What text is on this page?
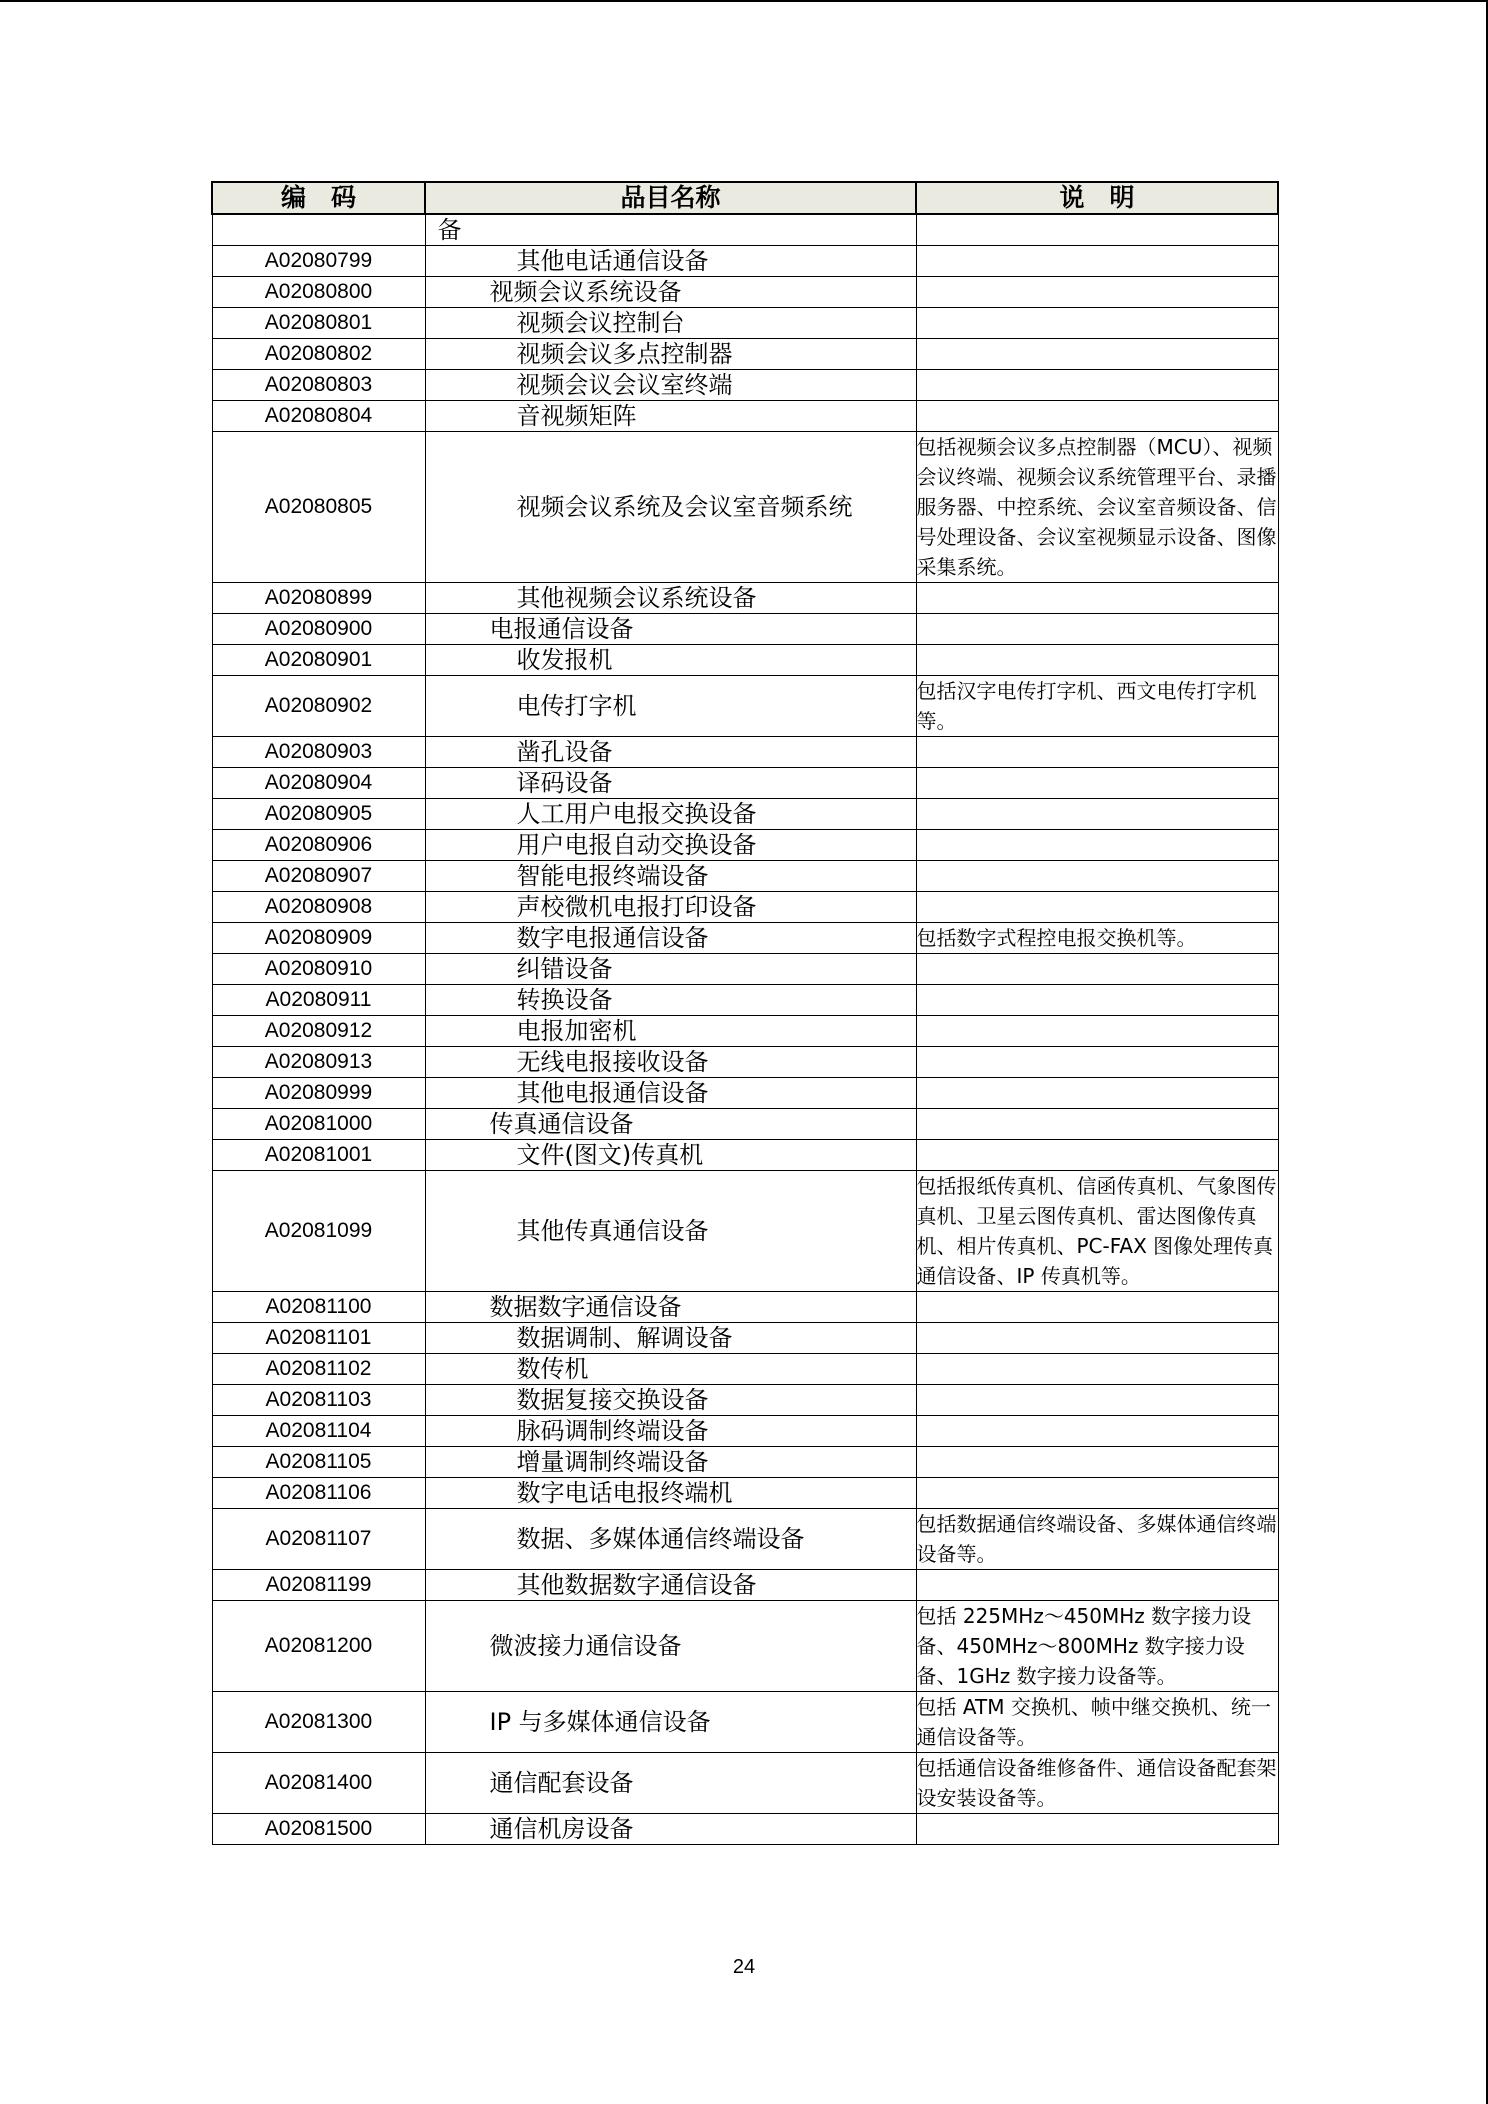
编　码	品目名称	说　明
	备	
A02080799	其他电话通信设备	
A02080800	视频会议系统设备	
A02080801	视频会议控制台	
A02080802	视频会议多点控制器	
A02080803	视频会议会议室终端	
A02080804	音视频矩阵	
A02080805	视频会议系统及会议室音频系统	包括视频会议多点控制器（MCU）、视频会议终端、视频会议系统管理平台、录播服务器、中控系统、会议室音频设备、信号处理设备、会议室视频显示设备、图像采集系统。
A02080899	其他视频会议系统设备	
A02080900	电报通信设备	
A02080901	收发报机	
A02080902	电传打字机	包括汉字电传打字机、西文电传打字机等。
A02080903	凿孔设备	
A02080904	译码设备	
A02080905	人工用户电报交换设备	
A02080906	用户电报自动交换设备	
A02080907	智能电报终端设备	
A02080908	声校微机电报打印设备	
A02080909	数字电报通信设备	包括数字式程控电报交换机等。
A02080910	纠错设备	
A02080911	转换设备	
A02080912	电报加密机	
A02080913	无线电报接收设备	
A02080999	其他电报通信设备	
A02081000	传真通信设备	
A02081001	文件(图文)传真机	
A02081099	其他传真通信设备	包括报纸传真机、信函传真机、气象图传真机、卫星云图传真机、雷达图像传真机、相片传真机、PC-FAX 图像处理传真通信设备、IP 传真机等。
A02081100	数据数字通信设备	
A02081101	数据调制、解调设备	
A02081102	数传机	
A02081103	数据复接交换设备	
A02081104	脉码调制终端设备	
A02081105	增量调制终端设备	
A02081106	数字电话电报终端机	
A02081107	数据、多媒体通信终端设备	包括数据通信终端设备、多媒体通信终端设备等。
A02081199	其他数据数字通信设备	
A02081200	微波接力通信设备	包括 225MHz～450MHz 数字接力设备、450MHz～800MHz 数字接力设备、1GHz 数字接力设备等。
A02081300	IP 与多媒体通信设备	包括 ATM 交换机、帧中继交换机、统一通信设备等。
A02081400	通信配套设备	包括通信设备维修备件、通信设备配套架设安装设备等。
A02081500	通信机房设备	
24
